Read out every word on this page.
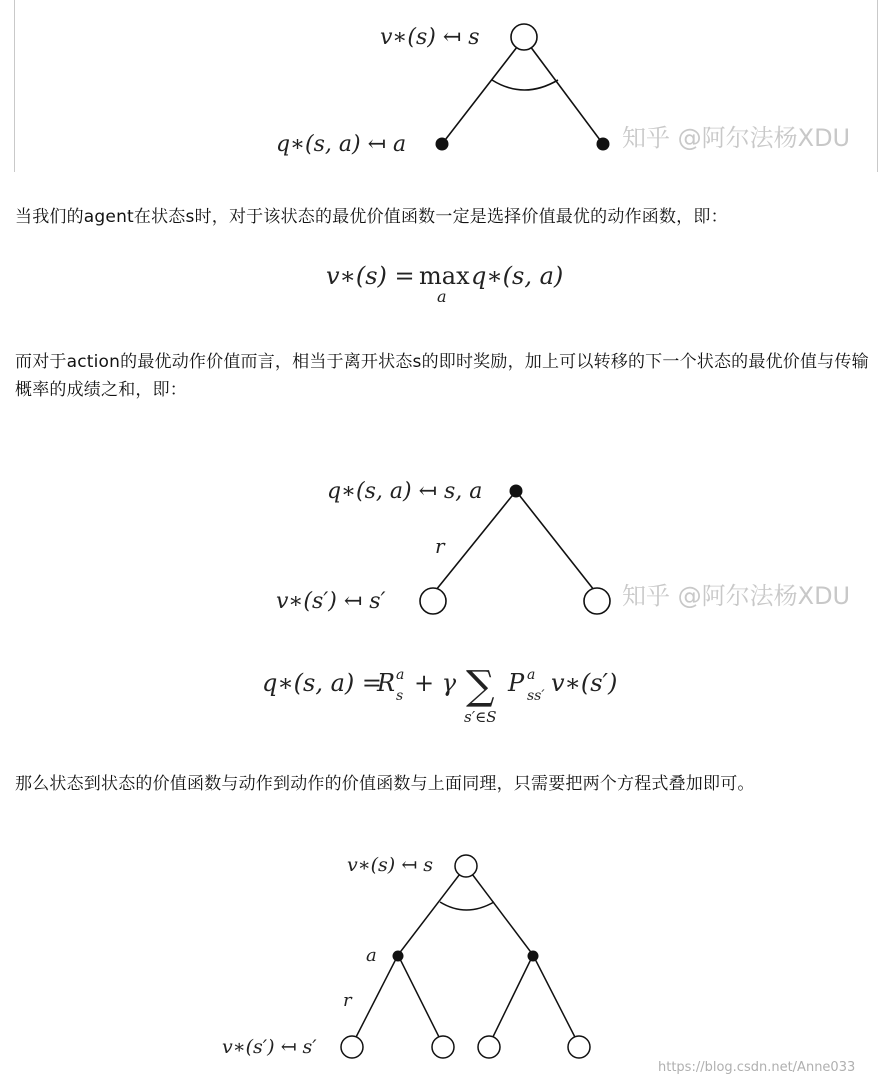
v∗(s) ↤ s
q∗(s, a) ↤ a	知乎 @阿尔法杨XDU

当我们的agent在状态s时，对于该状态的最优价值函数一定是选择价值最优的动作函数，即：

v∗(s) = max
a
q∗(s, a)

而对于action的最优动作价值而言，相当于离开状态s的即时奖励，加上可以转移的下一个状态的最优价值与传输概率的成绩之和，即：

q∗(s, a) ↤ s, a
r
v∗(s′) ↤ s′	知乎 @阿尔法杨XDU
q∗(s, a) =
R a
s + γ ∑
s′∈S
P a
ss′ v∗(s′)

那么状态到状态的价值函数与动作到动作的价值函数与上面同理，只需要把两个方程式叠加即可。

v∗(s) ↤ s
a
r
v∗(s′) ↤ s′
https://blog.csdn.net/Anne033
